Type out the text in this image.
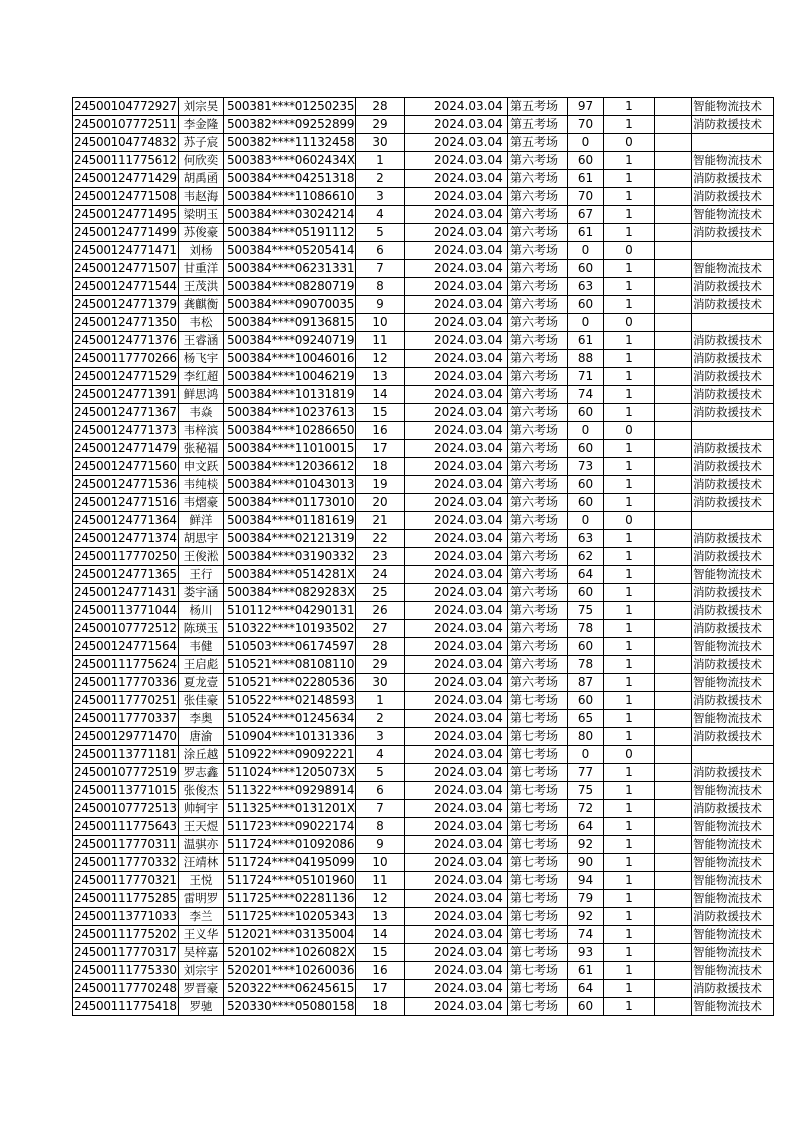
24500104772927	刘宗昊	500381****01250235	28		2024.03.04	第五考场	97	1		智能物流技术
24500107772511	李金隆	500382****09252899	29		2024.03.04	第五考场	70	1		消防救援技术
24500104774832	苏子宸	500382****11132458	30		2024.03.04	第五考场	0	0		
24500111775612	何欣奕	500383****0602434X	1		2024.03.04	第六考场	60	1		智能物流技术
24500124771429	胡禹函	500384****04251318	2		2024.03.04	第六考场	61	1		消防救援技术
24500124771508	韦赵海	500384****11086610	3		2024.03.04	第六考场	70	1		消防救援技术
24500124771495	梁明玉	500384****03024214	4		2024.03.04	第六考场	67	1		智能物流技术
24500124771499	苏俊豪	500384****05191112	5		2024.03.04	第六考场	61	1		消防救援技术
24500124771471	刘杨	500384****05205414	6		2024.03.04	第六考场	0	0		
24500124771507	甘重洋	500384****06231331	7		2024.03.04	第六考场	60	1		智能物流技术
24500124771544	王茂洪	500384****08280719	8		2024.03.04	第六考场	63	1		消防救援技术
24500124771379	龚麒衡	500384****09070035	9		2024.03.04	第六考场	60	1		消防救援技术
24500124771350	韦松	500384****09136815	10		2024.03.04	第六考场	0	0		
24500124771376	王睿涵	500384****09240719	11		2024.03.04	第六考场	61	1		消防救援技术
24500117770266	杨飞宇	500384****10046016	12		2024.03.04	第六考场	88	1		消防救援技术
24500124771529	李红超	500384****10046219	13		2024.03.04	第六考场	71	1		消防救援技术
24500124771391	鲜思鸿	500384****10131819	14		2024.03.04	第六考场	74	1		消防救援技术
24500124771367	韦焱	500384****10237613	15		2024.03.04	第六考场	60	1		消防救援技术
24500124771373	韦梓滨	500384****10286650	16		2024.03.04	第六考场	0	0		
24500124771479	张秘福	500384****11010015	17		2024.03.04	第六考场	60	1		消防救援技术
24500124771560	申文跃	500384****12036612	18		2024.03.04	第六考场	73	1		消防救援技术
24500124771536	韦纯棪	500384****01043013	19		2024.03.04	第六考场	60	1		消防救援技术
24500124771516	韦熠豪	500384****01173010	20		2024.03.04	第六考场	60	1		消防救援技术
24500124771364	鲜洋	500384****01181619	21		2024.03.04	第六考场	0	0		
24500124771374	胡思宇	500384****02121319	22		2024.03.04	第六考场	63	1		消防救援技术
24500117770250	王俊淞	500384****03190332	23		2024.03.04	第六考场	62	1		消防救援技术
24500124771365	王行	500384****0514281X	24		2024.03.04	第六考场	64	1		智能物流技术
24500124771431	娄宇涵	500384****0829283X	25		2024.03.04	第六考场	60	1		消防救援技术
24500113771044	杨川	510112****04290131	26		2024.03.04	第六考场	75	1		消防救援技术
24500107772512	陈瑛玉	510322****10193502	27		2024.03.04	第六考场	78	1		消防救援技术
24500124771564	韦健	510503****06174597	28		2024.03.04	第六考场	60	1		智能物流技术
24500111775624	王启彪	510521****08108110	29		2024.03.04	第六考场	78	1		消防救援技术
24500117770336	夏龙壹	510521****02280536	30		2024.03.04	第六考场	87	1		智能物流技术
24500117770251	张佳豪	510522****02148593	1		2024.03.04	第七考场	60	1		消防救援技术
24500117770337	李奥	510524****01245634	2		2024.03.04	第七考场	65	1		智能物流技术
24500129771470	唐渝	510904****10131336	3		2024.03.04	第七考场	80	1		消防救援技术
24500113771181	涂丘越	510922****09092221	4		2024.03.04	第七考场	0	0		
24500107772519	罗志鑫	511024****1205073X	5		2024.03.04	第七考场	77	1		消防救援技术
24500113771015	张俊杰	511322****09298914	6		2024.03.04	第七考场	75	1		智能物流技术
24500107772513	帅轲宇	511325****0131201X	7		2024.03.04	第七考场	72	1		消防救援技术
24500111775643	王天煜	511723****09022174	8		2024.03.04	第七考场	64	1		智能物流技术
24500117770311	温骐亦	511724****01092086	9		2024.03.04	第七考场	92	1		智能物流技术
24500117770332	汪靖林	511724****04195099	10		2024.03.04	第七考场	90	1		智能物流技术
24500117770321	王悦	511724****05101960	11		2024.03.04	第七考场	94	1		智能物流技术
24500111775285	雷明罗	511725****02281136	12		2024.03.04	第七考场	79	1		智能物流技术
24500113771033	李兰	511725****10205343	13		2024.03.04	第七考场	92	1		消防救援技术
24500111775202	王义华	512021****03135004	14		2024.03.04	第七考场	74	1		智能物流技术
24500117770317	吴梓嘉	520102****1026082X	15		2024.03.04	第七考场	93	1		智能物流技术
24500111775330	刘宗宇	520201****10260036	16		2024.03.04	第七考场	61	1		智能物流技术
24500117770248	罗晋豪	520322****06245615	17		2024.03.04	第七考场	64	1		消防救援技术
24500111775418	罗驰	520330****05080158	18		2024.03.04	第七考场	60	1		智能物流技术
